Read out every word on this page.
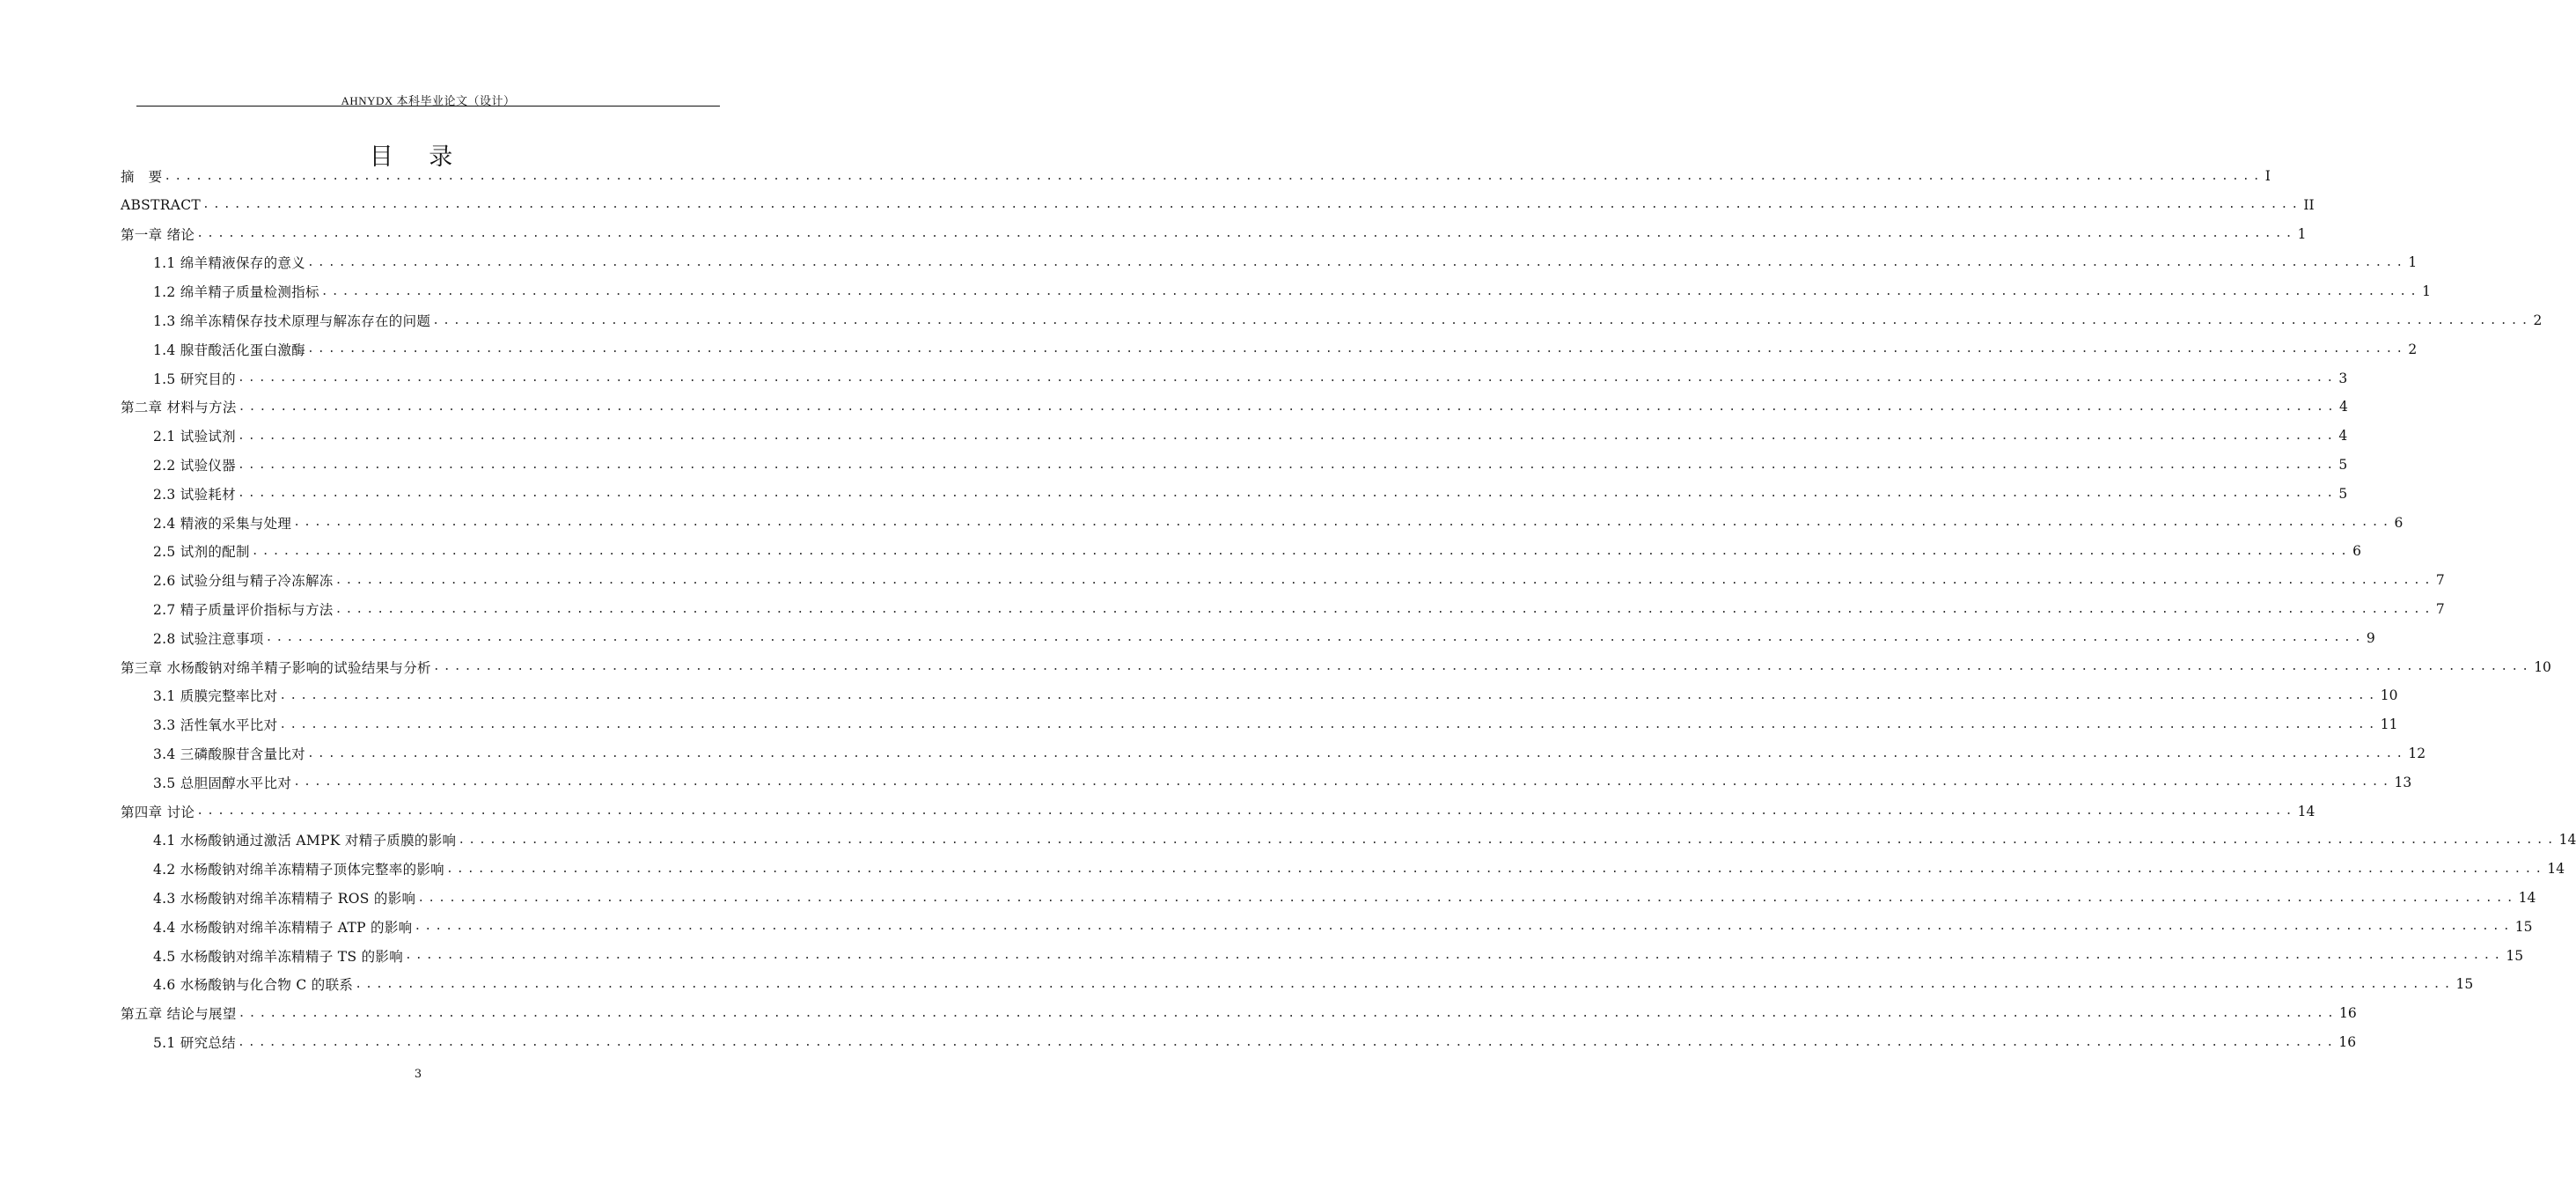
AHNYDX 本科毕业论文（设计）
目 录
摘　要 ........................................................................................................................................................................................................ I
ABSTRACT ........................................................................................................................................................................................................ II
第一章 绪论 ........................................................................................................................................................................................................ 1
1.1 绵羊精液保存的意义 ........................................................................................................................................................................................................ 1
1.2 绵羊精子质量检测指标 ........................................................................................................................................................................................................ 1
1.3 绵羊冻精保存技术原理与解冻存在的问题 ........................................................................................................................................................................................................ 2
1.4 腺苷酸活化蛋白激酶 ........................................................................................................................................................................................................ 2
1.5 研究目的 ........................................................................................................................................................................................................ 3
第二章 材料与方法 ........................................................................................................................................................................................................ 4
2.1 试验试剂 ........................................................................................................................................................................................................ 4
2.2 试验仪器 ........................................................................................................................................................................................................ 5
2.3 试验耗材 ........................................................................................................................................................................................................ 5
2.4 精液的采集与处理 ........................................................................................................................................................................................................ 6
2.5 试剂的配制 ........................................................................................................................................................................................................ 6
2.6 试验分组与精子冷冻解冻 ........................................................................................................................................................................................................ 7
2.7 精子质量评价指标与方法 ........................................................................................................................................................................................................ 7
2.8 试验注意事项 ........................................................................................................................................................................................................ 9
第三章 水杨酸钠对绵羊精子影响的试验结果与分析 ........................................................................................................................................................................................................ 10
3.1 质膜完整率比对 ........................................................................................................................................................................................................ 10
3.3 活性氧水平比对 ........................................................................................................................................................................................................ 11
3.4 三磷酸腺苷含量比对 ........................................................................................................................................................................................................ 12
3.5 总胆固醇水平比对 ........................................................................................................................................................................................................ 13
第四章 讨论 ........................................................................................................................................................................................................ 14
4.1 水杨酸钠通过激活 AMPK 对精子质膜的影响 ........................................................................................................................................................................................................ 14
4.2 水杨酸钠对绵羊冻精精子顶体完整率的影响 ........................................................................................................................................................................................................ 14
4.3 水杨酸钠对绵羊冻精精子 ROS 的影响 ........................................................................................................................................................................................................ 14
4.4 水杨酸钠对绵羊冻精精子 ATP 的影响 ........................................................................................................................................................................................................ 15
4.5 水杨酸钠对绵羊冻精精子 TS 的影响 ........................................................................................................................................................................................................ 15
4.6 水杨酸钠与化合物 C 的联系 ........................................................................................................................................................................................................ 15
第五章 结论与展望 ........................................................................................................................................................................................................ 16
5.1 研究总结 ........................................................................................................................................................................................................ 16
3
